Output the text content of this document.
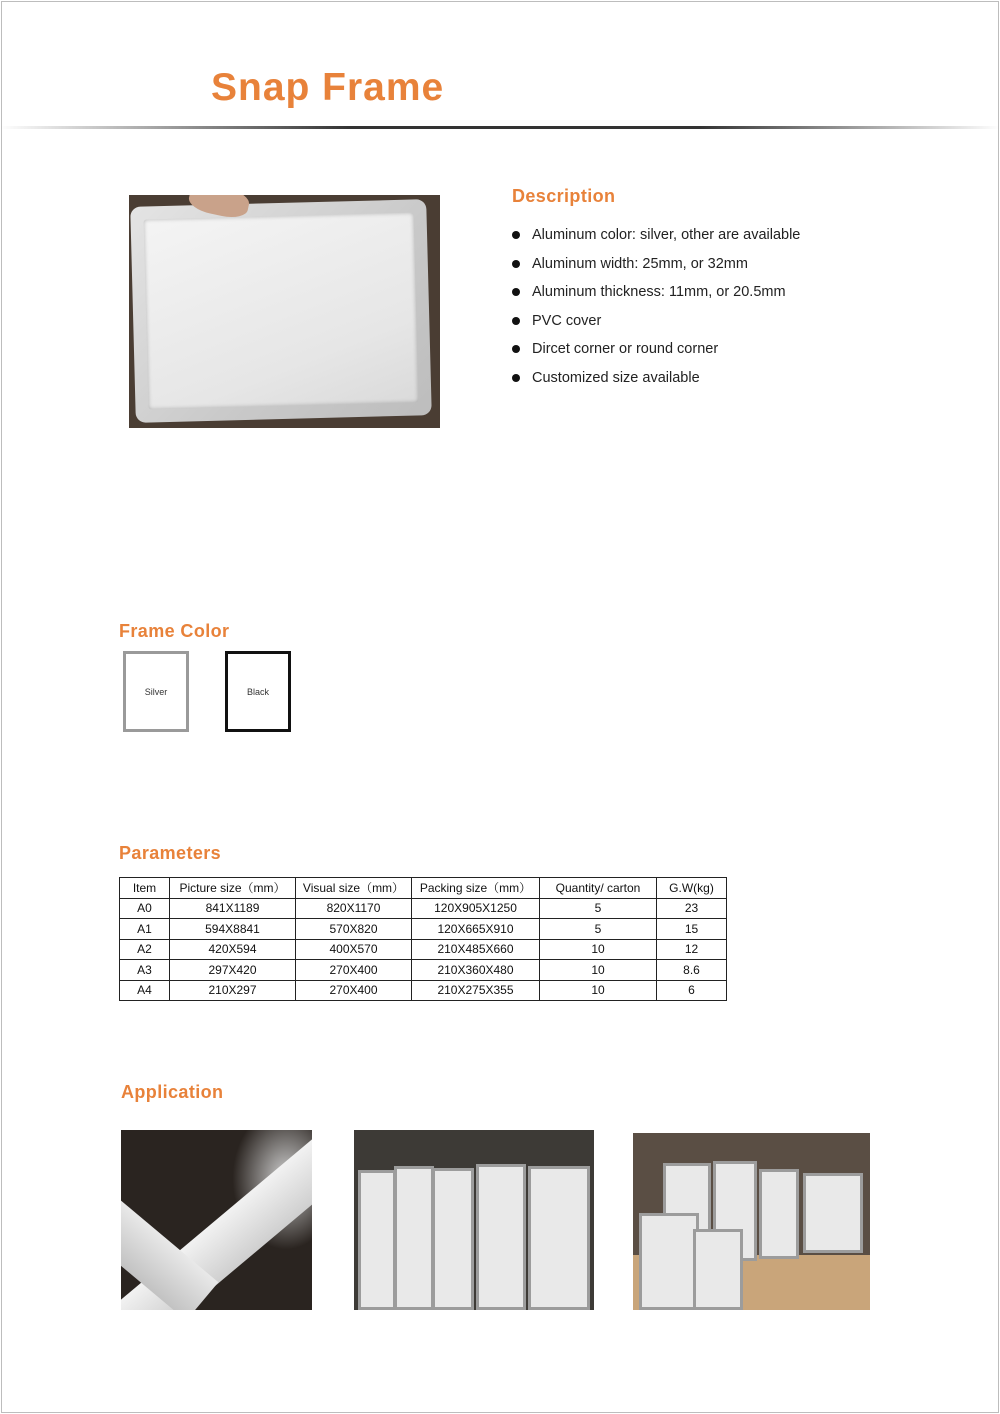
Snap Frame
Description
Aluminum color: silver, other are available
Aluminum width: 25mm, or 32mm
Aluminum thickness: 11mm, or 20.5mm
PVC cover
Dircet corner or round corner
Customized size available
Frame Color
Silver	Black
Parameters
Item	Picture size（mm）	Visual size（mm）	Packing size（mm）	Quantity/ carton	G.W(kg)
A0	841X1189	820X1170	120X905X1250	5	23
A1	594X8841	570X820	120X665X910	5	15
A2	420X594	400X570	210X485X660	10	12
A3	297X420	270X400	210X360X480	10	8.6
A4	210X297	270X400	210X275X355	10	6
Application
